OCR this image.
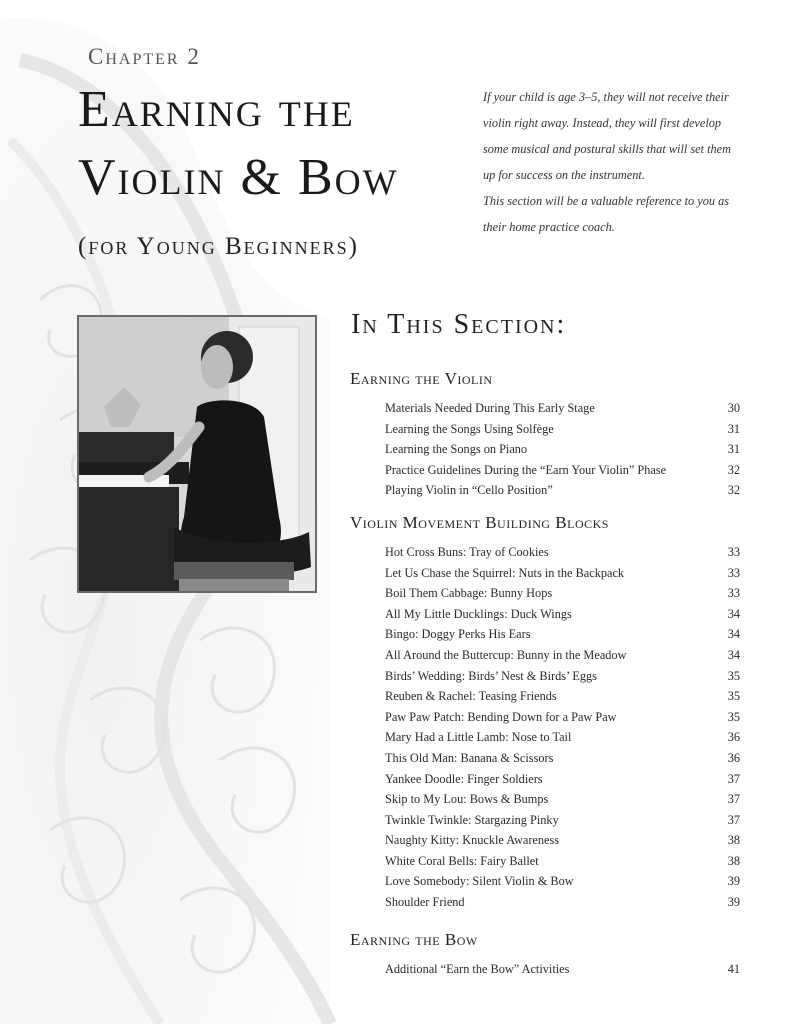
Chapter 2
Earning the
Violin & Bow
(for Young Beginners)

If your child is age 3–5, they will not receive their violin right away. Instead, they will first develop some musical and postural skills that will set them up for success on the instrument.

This section will be a valuable reference to you as their home practice coach.

In This Section:
Earning the Violin
Materials Needed During This Early Stage	30
Learning the Songs Using Solfège	31
Learning the Songs on Piano	31
Practice Guidelines During the “Earn Your Violin” Phase	32
Playing Violin in “Cello Position”	32
Violin Movement Building Blocks
Hot Cross Buns: Tray of Cookies	33
Let Us Chase the Squirrel: Nuts in the Backpack	33
Boil Them Cabbage: Bunny Hops	33
All My Little Ducklings: Duck Wings	34
Bingo: Doggy Perks His Ears	34
All Around the Buttercup: Bunny in the Meadow	34
Birds’ Wedding: Birds’ Nest & Birds’ Eggs	35
Reuben & Rachel: Teasing Friends	35
Paw Paw Patch: Bending Down for a Paw Paw	35
Mary Had a Little Lamb: Nose to Tail	36
This Old Man: Banana & Scissors	36
Yankee Doodle: Finger Soldiers	37
Skip to My Lou: Bows & Bumps	37
Twinkle Twinkle: Stargazing Pinky	37
Naughty Kitty: Knuckle Awareness	38
White Coral Bells: Fairy Ballet	38
Love Somebody: Silent Violin & Bow	39
Shoulder Friend	39
Earning the Bow
Additional “Earn the Bow” Activities	41
